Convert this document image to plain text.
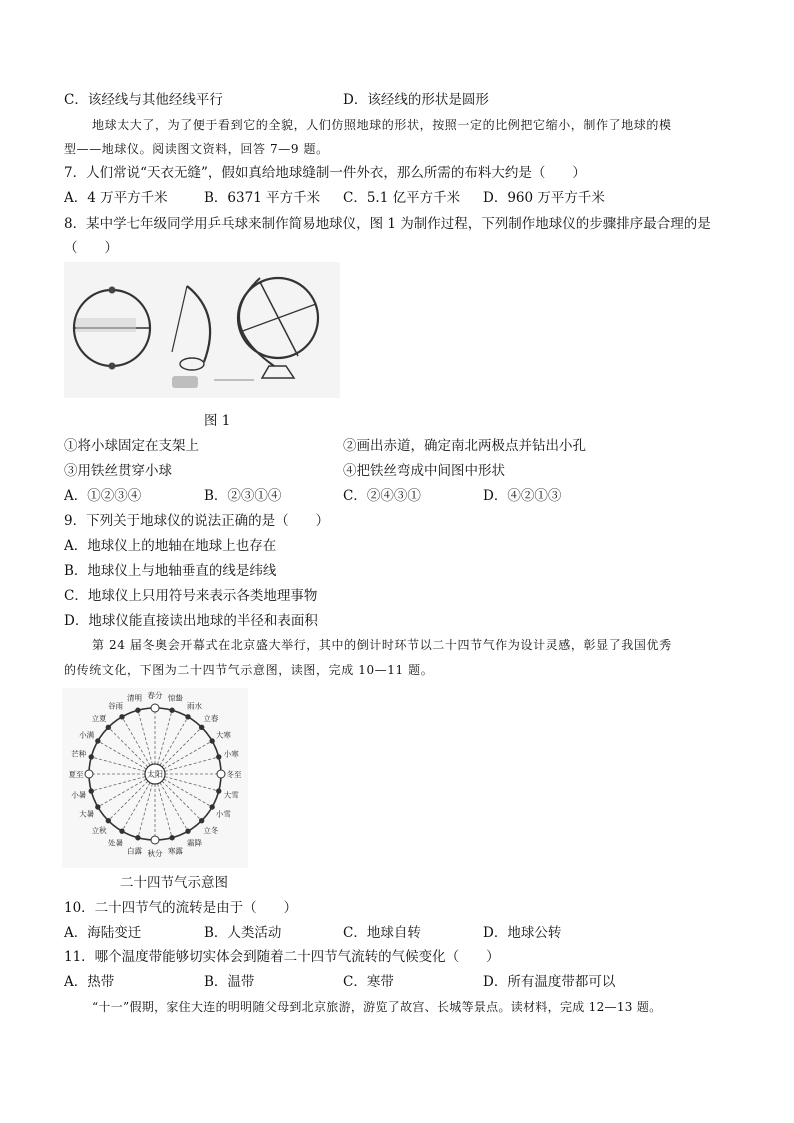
C．该经线与其他经线平行	D．该经线的形状是圆形
地球太大了，为了便于看到它的全貌，人们仿照地球的形状，按照一定的比例把它缩小，制作了地球的模
型——地球仪。阅读图文资料，回答 7—9 题。
7．人们常说“天衣无缝”，假如真给地球缝制一件外衣，那么所需的布料大约是（　　）
A．4 万平方千米	B．6371 平方千米 C．5.1 亿平方千米 D．960 万平方千米
8．某中学七年级同学用乒乓球来制作简易地球仪，图 1 为制作过程，下列制作地球仪的步骤排序最合理的是
（　　）
图 1
①将小球固定在支架上	②画出赤道，确定南北两极点并钻出小孔
③用铁丝贯穿小球	④把铁丝弯成中间图中形状
A．①②③④	B．②③①④	C．②④③①	D．④②①③
9．下列关于地球仪的说法正确的是（　　）
A．地球仪上的地轴在地球上也存在
B．地球仪上与地轴垂直的线是纬线
C．地球仪上只用符号来表示各类地理事物
D．地球仪能直接读出地球的半径和表面积
第 24 届冬奥会开幕式在北京盛大举行，其中的倒计时环节以二十四节气作为设计灵感，彰显了我国优秀
的传统文化，下图为二十四节气示意图，读图，完成 10—11 题。
春分 惊蛰
雨水
立春
大寒
小寒
冬至
大雪
小雪
立冬
霜降
寒露
秋分
白露
处暑
立秋
大暑
小暑
夏至
芒种
小满
立夏
谷雨
清明
太阳
二十四节气示意图
10．二十四节气的流转是由于（　　）
A．海陆变迁	B．人类活动	C．地球自转	D．地球公转
11．哪个温度带能够切实体会到随着二十四节气流转的气候变化（　　）
A．热带	B．温带	C．寒带	D．所有温度带都可以
“十一”假期，家住大连的明明随父母到北京旅游，游览了故宫、长城等景点。读材料，完成 12—13 题。
